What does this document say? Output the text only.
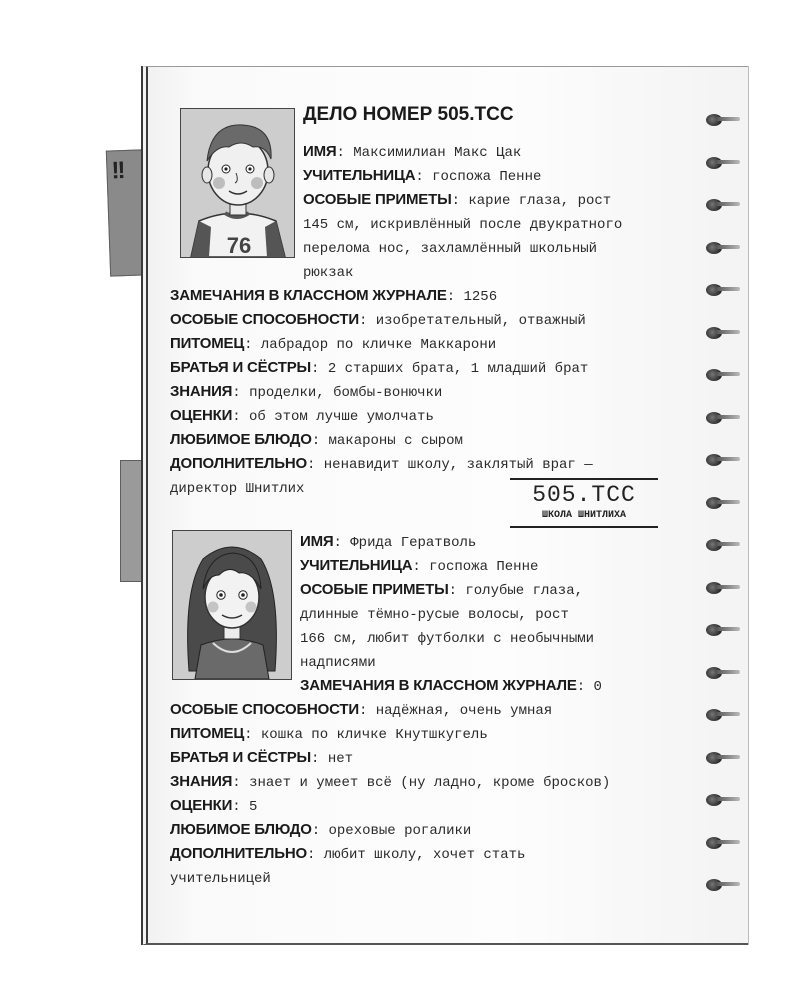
!!
76
ДЕЛО НОМЕР 505.TCC
ИМЯ: Максимилиан Макс Цак
УЧИТЕЛЬНИЦА: госпожа Пенне
ОСОБЫЕ ПРИМЕТЫ: карие глаза, рост
145 см, искривлённый после двукратного
перелома нос, захламлённый школьный
рюкзак
ЗАМЕЧАНИЯ В КЛАССНОМ ЖУРНАЛЕ: 1256
ОСОБЫЕ СПОСОБНОСТИ: изобретательный, отважный
ПИТОМЕЦ: лабрадор по кличке Маккарони
БРАТЬЯ И СЁСТРЫ: 2 старших брата, 1 младший брат
ЗНАНИЯ: проделки, бомбы-вонючки
ОЦЕНКИ: об этом лучше умолчать
ЛЮБИМОЕ БЛЮДО: макароны с сыром
ДОПОЛНИТЕЛЬНО: ненавидит школу, заклятый враг —
директор Шнитлих
ИМЯ: Фрида Гератволь
УЧИТЕЛЬНИЦА: госпожа Пенне
ОСОБЫЕ ПРИМЕТЫ: голубые глаза,
длинные тёмно-русые волосы, рост
166 см, любит футболки с необычными
надписями
ЗАМЕЧАНИЯ В КЛАССНОМ ЖУРНАЛЕ: 0
ОСОБЫЕ СПОСОБНОСТИ: надёжная, очень умная
ПИТОМЕЦ: кошка по кличке Кнутшкугель
БРАТЬЯ И СЁСТРЫ: нет
ЗНАНИЯ: знает и умеет всё (ну ладно, кроме бросков)
ОЦЕНКИ: 5
ЛЮБИМОЕ БЛЮДО: ореховые рогалики
ДОПОЛНИТЕЛЬНО: любит школу, хочет стать
учительницей
505.TCC
ШКОЛА ШНИТЛИХА
